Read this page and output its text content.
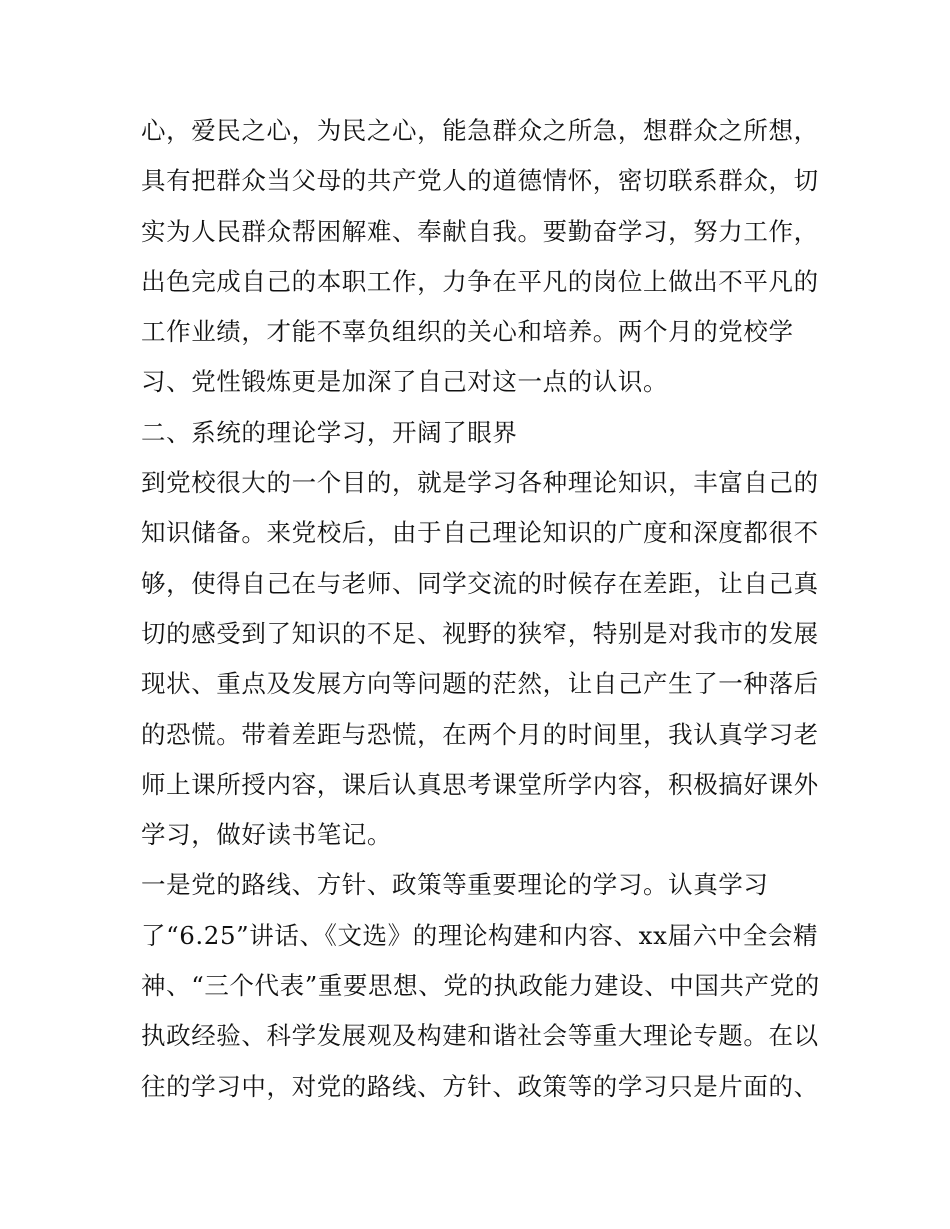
心，爱民之心，为民之心，能急群众之所急，想群众之所想，
具有把群众当父母的共产党人的道德情怀，密切联系群众，切
实为人民群众帮困解难、奉献自我。要勤奋学习，努力工作，
出色完成自己的本职工作，力争在平凡的岗位上做出不平凡的
工作业绩，才能不辜负组织的关心和培养。两个月的党校学
习、党性锻炼更是加深了自己对这一点的认识。
二、系统的理论学习，开阔了眼界
到党校很大的一个目的，就是学习各种理论知识，丰富自己的
知识储备。来党校后，由于自己理论知识的广度和深度都很不
够，使得自己在与老师、同学交流的时候存在差距，让自己真
切的感受到了知识的不足、视野的狭窄，特别是对我市的发展
现状、重点及发展方向等问题的茫然，让自己产生了一种落后
的恐慌。带着差距与恐慌，在两个月的时间里，我认真学习老
师上课所授内容，课后认真思考课堂所学内容，积极搞好课外
学习，做好读书笔记。
一是党的路线、方针、政策等重要理论的学习。认真学习
了“6.25”讲话、《文选》的理论构建和内容、xx届六中全会精
神、“三个代表”重要思想、党的执政能力建设、中国共产党的
执政经验、科学发展观及构建和谐社会等重大理论专题。在以
往的学习中，对党的路线、方针、政策等的学习只是片面的、
